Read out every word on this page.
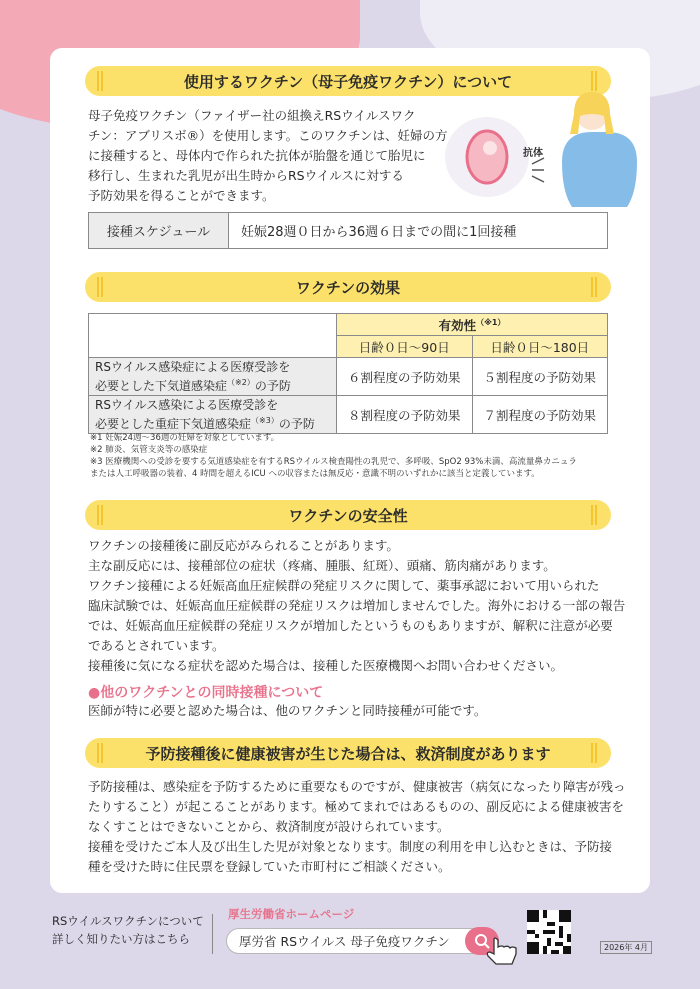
使用するワクチン（母子免疫ワクチン）について

母子免疫ワクチン（ファイザー社の組換えRSウイルスワク

チン：アブリスボ®）を使用します。このワクチンは、妊婦の方

に接種すると、母体内で作られた抗体が胎盤を通じて胎児に

移行し、生まれた乳児が出生時からRSウイルスに対する

予防効果を得ることができます。

抗体
接種スケジュール	妊娠28週０日から36週６日までの間に1回接種
ワクチンの効果
	有効性$^{(※1)}$
	日齢０日～90日	日齢０日～180日
RSウイルス感染症による医療受診を
必要とした下気道感染症$^{(※2)}$の予防	６割程度の予防効果	５割程度の予防効果
RSウイルス感染による医療受診を
必要とした重症下気道感染症$^{(※3)}$の予防	８割程度の予防効果	７割程度の予防効果

※1 妊娠24週～36週の妊婦を対象としています。

※2 肺炎、気管支炎等の感染症

※3 医療機関への受診を要する気道感染症を有するRSウイルス検査陽性の乳児で、多呼吸、SpO2 93%未満、高流量鼻カニュラ

または人工呼吸器の装着、4 時間を超えるICU への収容または無反応・意識不明のいずれかに該当と定義しています。

ワクチンの安全性

ワクチンの接種後に副反応がみられることがあります。

主な副反応には、接種部位の症状（疼痛、腫脹、紅斑）、頭痛、筋肉痛があります。

ワクチン接種による妊娠高血圧症候群の発症リスクに関して、薬事承認において用いられた

臨床試験では、妊娠高血圧症候群の発症リスクは増加しませんでした。海外における一部の報告

では、妊娠高血圧症候群の発症リスクが増加したというものもありますが、解釈に注意が必要

であるとされています。

接種後に気になる症状を認めた場合は、接種した医療機関へお問い合わせください。

●他のワクチンとの同時接種について

医師が特に必要と認めた場合は、他のワクチンと同時接種が可能です。

予防接種後に健康被害が生じた場合は、救済制度があります

予防接種は、感染症を予防するために重要なものですが、健康被害（病気になったり障害が残っ

たりすること）が起こることがあります。極めてまれではあるものの、副反応による健康被害を

なくすことはできないことから、救済制度が設けられています。

接種を受けたご本人及び出生した児が対象となります。制度の利用を申し込むときは、予防接

種を受けた時に住民票を登録していた市町村にご相談ください。

RSウイルスワクチンについて

詳しく知りたい方はこちら

厚生労働省ホームページ
厚労省 RSウイルス 母子免疫ワクチン	2026年 4月
